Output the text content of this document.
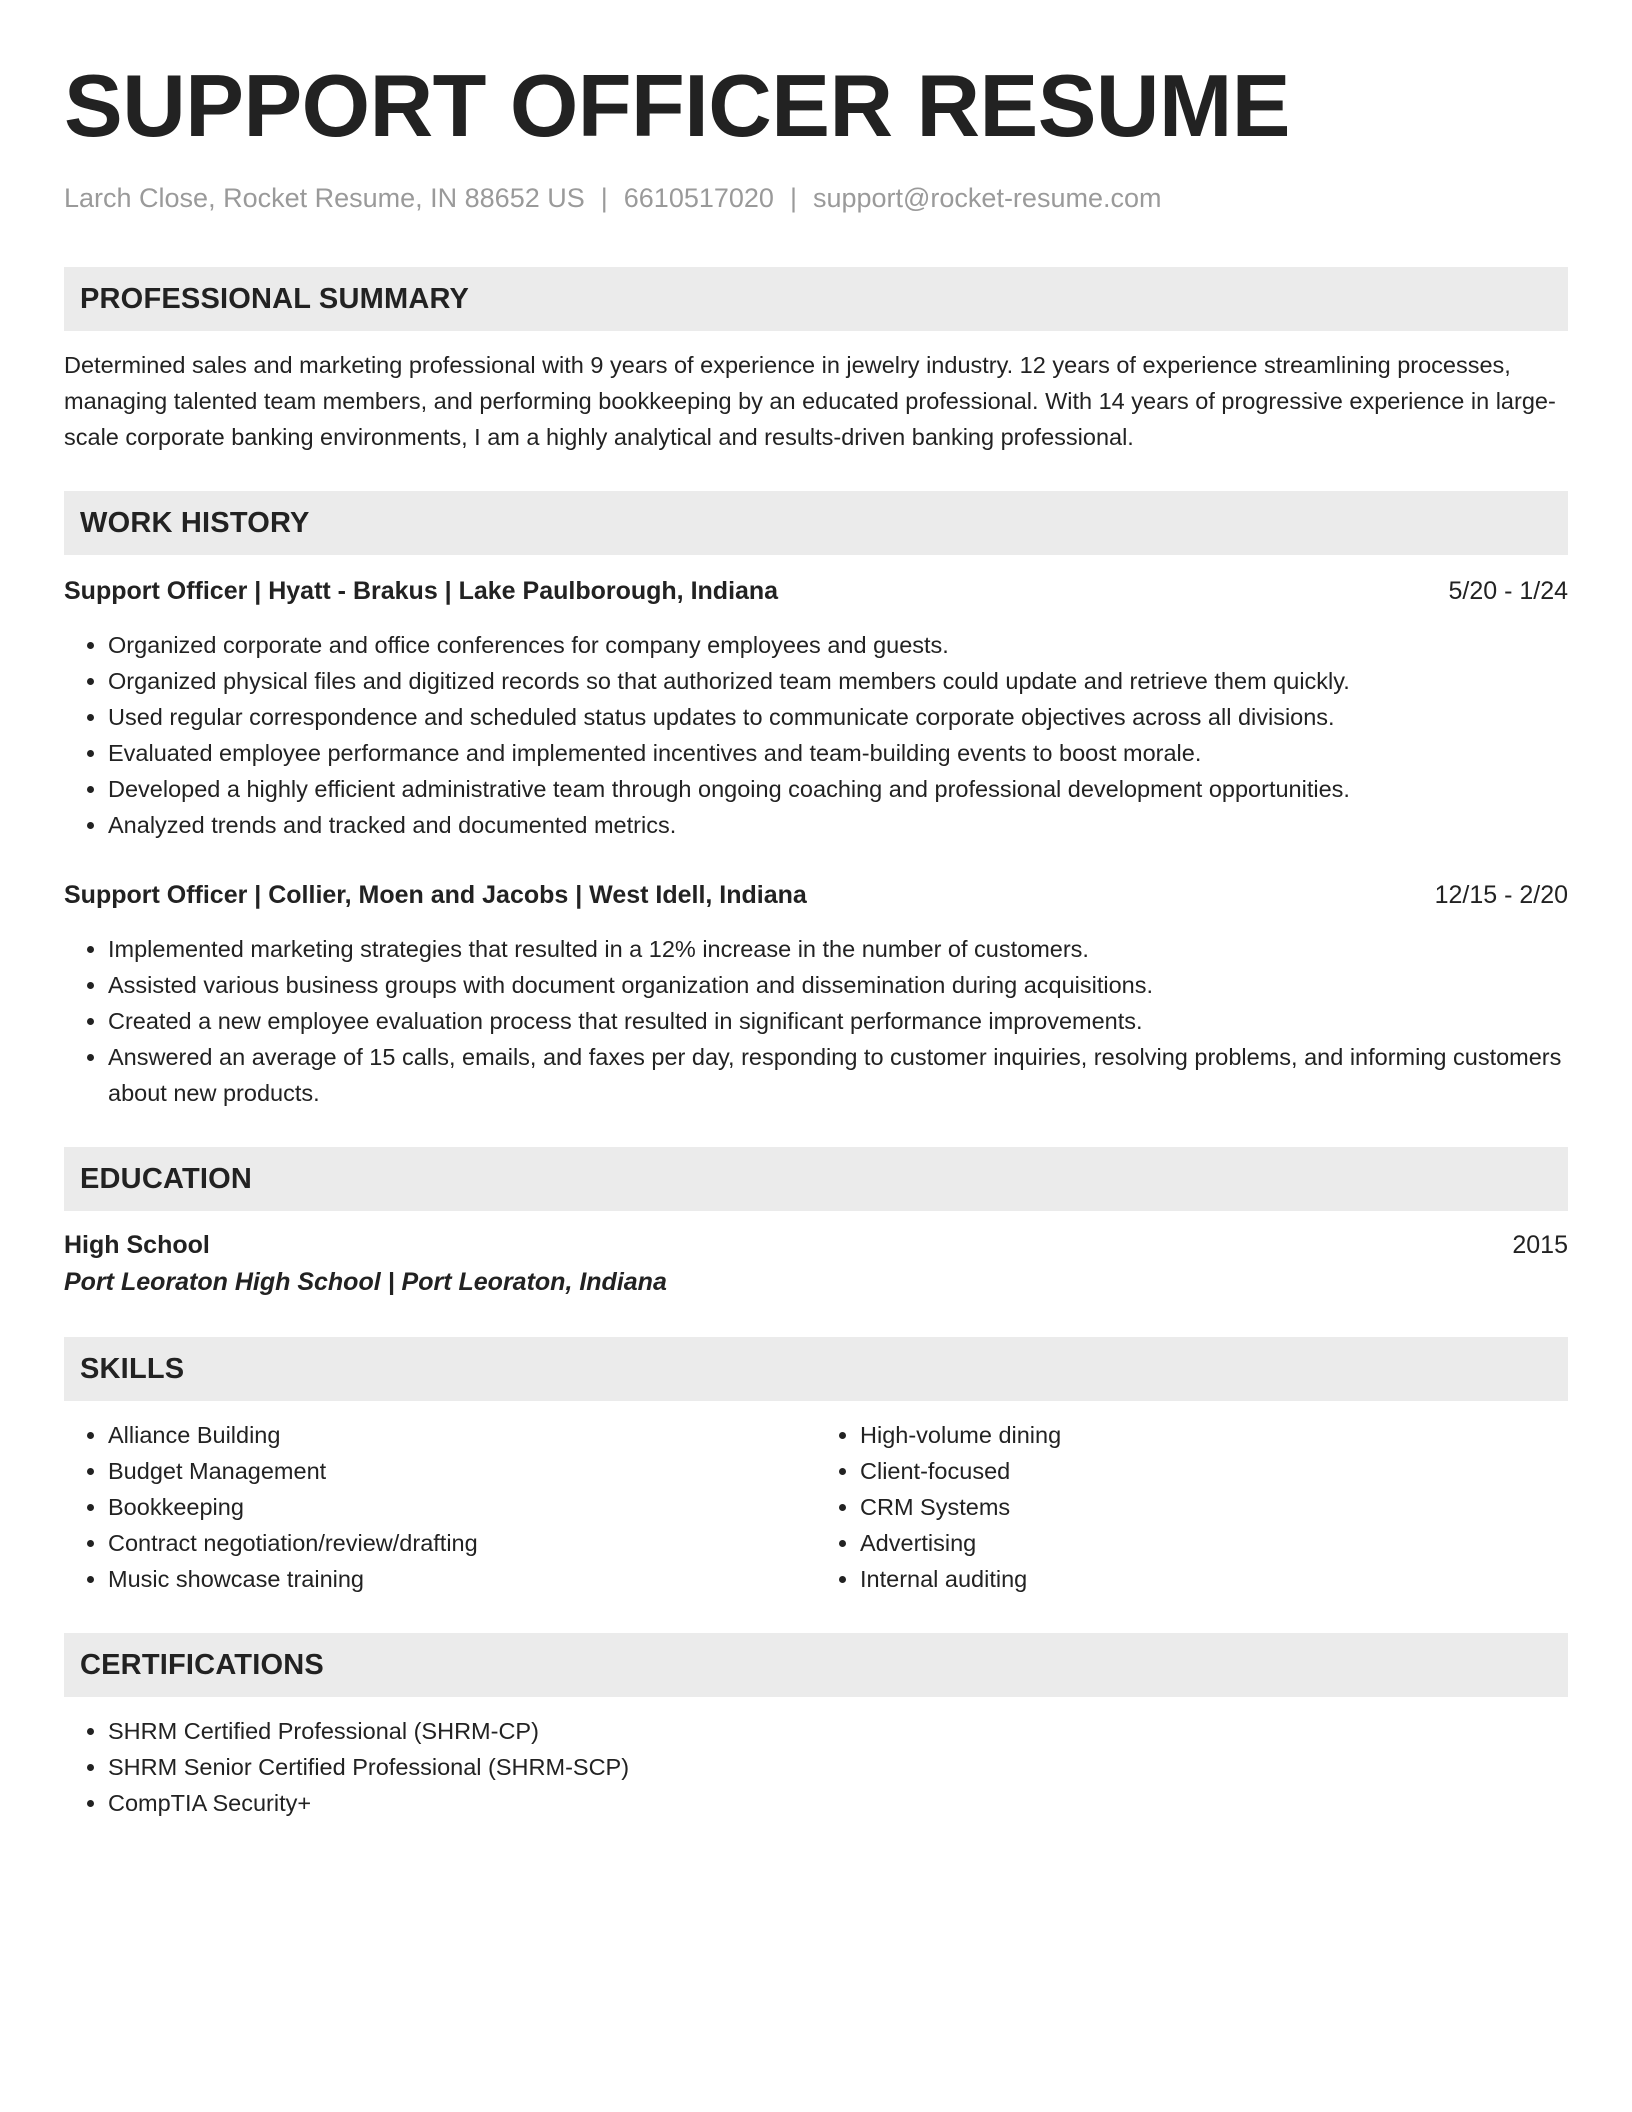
SUPPORT OFFICER RESUME
Larch Close, Rocket Resume, IN 88652 US | 6610517020 | support@rocket-resume.com
PROFESSIONAL SUMMARY
Determined sales and marketing professional with 9 years of experience in jewelry industry. 12 years of experience streamlining processes, managing talented team members, and performing bookkeeping by an educated professional. With 14 years of progressive experience in large-scale corporate banking environments, I am a highly analytical and results-driven banking professional.
WORK HISTORY
Support Officer | Hyatt - Brakus | Lake Paulborough, Indiana	5/20 - 1/24
• Organized corporate and office conferences for company employees and guests.
• Organized physical files and digitized records so that authorized team members could update and retrieve them quickly.
• Used regular correspondence and scheduled status updates to communicate corporate objectives across all divisions.
• Evaluated employee performance and implemented incentives and team-building events to boost morale.
• Developed a highly efficient administrative team through ongoing coaching and professional development opportunities.
• Analyzed trends and tracked and documented metrics.
Support Officer | Collier, Moen and Jacobs | West Idell, Indiana	12/15 - 2/20
• Implemented marketing strategies that resulted in a 12% increase in the number of customers.
• Assisted various business groups with document organization and dissemination during acquisitions.
• Created a new employee evaluation process that resulted in significant performance improvements.
• Answered an average of 15 calls, emails, and faxes per day, responding to customer inquiries, resolving problems, and informing customers about new products.
EDUCATION
High School	2015
Port Leoraton High School | Port Leoraton, Indiana
SKILLS
• Alliance Building
• Budget Management
• Bookkeeping
• Contract negotiation/review/drafting
• Music showcase training
• High-volume dining
• Client-focused
• CRM Systems
• Advertising
• Internal auditing
CERTIFICATIONS
• SHRM Certified Professional (SHRM-CP)
• SHRM Senior Certified Professional (SHRM-SCP)
• CompTIA Security+
